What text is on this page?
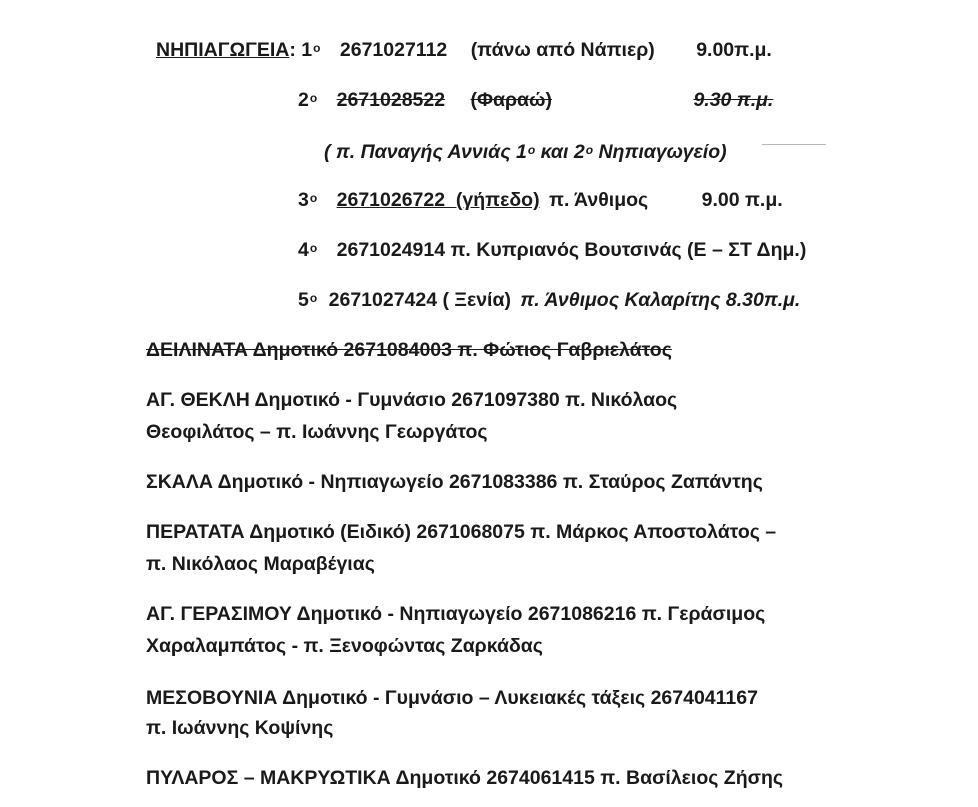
ΝΗΠΙΑΓΩΓΕΙΑ: $1^o$ 2671027112 (πάνω από Νάπιερ) 9.00π.μ.
$2^o$ 2671028522 (Φαραώ)	9.30 π.μ.
( π. Παναγής Αννιάς $1^o$ και $2^o$ Νηπιαγωγείο)
$3^o$ 2671026722 (γήπεδο) π. Άνθιμος	9.00 π.μ.
$4^o$ 2671024914 π. Κυπριανός Βουτσινάς (Ε – ΣΤ Δημ.)
$5^o$ 2671027424 ( Ξενία) π. Άνθιμος Καλαρίτης 8.30π.μ.
ΔΕΙΛΙΝΑΤΑ Δημοτικό 2671084003 π. Φώτιος Γαβριελάτος
ΑΓ. ΘΕΚΛΗ Δημοτικό - Γυμνάσιο 2671097380 π. Νικόλαος
Θεοφιλάτος – π. Ιωάννης Γεωργάτος
ΣΚΑΛΑ Δημοτικό - Νηπιαγωγείο 2671083386 π. Σταύρος Ζαπάντης
ΠΕΡΑΤΑΤΑ Δημοτικό (Ειδικό) 2671068075 π. Μάρκος Αποστολάτος –
π. Νικόλαος Μαραβέγιας
ΑΓ. ΓΕΡΑΣΙΜΟΥ Δημοτικό - Νηπιαγωγείο 2671086216 π. Γεράσιμος
Χαραλαμπάτος - π. Ξενοφώντας Ζαρκάδας
ΜΕΣΟΒΟΥΝΙΑ Δημοτικό - Γυμνάσιο – Λυκειακές τάξεις 2674041167
π. Ιωάννης Κοψίνης
ΠΥΛΑΡΟΣ – ΜΑΚΡΥΩΤΙΚΑ Δημοτικό 2674061415 π. Βασίλειος Ζήσης
